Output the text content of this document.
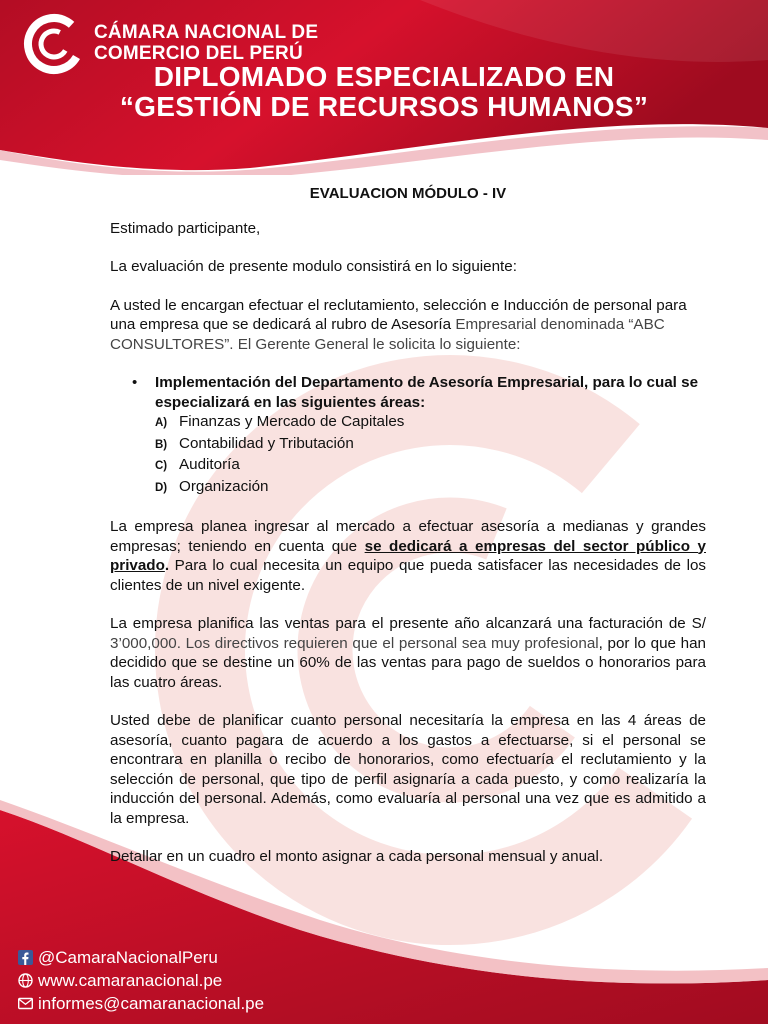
CÁMARA NACIONAL DE
COMERCIO DEL PERÚ
DIPLOMADO ESPECIALIZADO EN
“GESTIÓN DE RECURSOS HUMANOS”
@CamaraNacionalPeru
www.camaranacional.pe
informes@camaranacional.pe
EVALUACION MÓDULO - IV

Estimado participante,

La evaluación de presente modulo consistirá en lo siguiente:

A usted le encargan efectuar el reclutamiento, selección e Inducción de personal para una empresa que se dedicará al rubro de Asesoría Empresarial denominada “ABC CONSULTORES”. El Gerente General le solicita lo siguiente:

• Implementación del Departamento de Asesoría Empresarial, para lo cual se especializará en las siguientes áreas:
A) Finanzas y Mercado de Capitales
B) Contabilidad y Tributación
C) Auditoría
D) Organización

La empresa planea ingresar al mercado a efectuar asesoría a medianas y grandes empresas; teniendo en cuenta que se dedicará a empresas del sector público y privado. Para lo cual necesita un equipo que pueda satisfacer las necesidades de los clientes de un nivel exigente.

La empresa planifica las ventas para el presente año alcanzará una facturación de S/ 3’000,000. Los directivos requieren que el personal sea muy profesional, por lo que han decidido que se destine un 60% de las ventas para pago de sueldos o honorarios para las cuatro áreas.

Usted debe de planificar cuanto personal necesitaría la empresa en las 4 áreas de asesoría, cuanto pagara de acuerdo a los gastos a efectuarse, si el personal se encontrara en planilla o recibo de honorarios, como efectuaría el reclutamiento y la selección de personal, que tipo de perfil asignaría a cada puesto, y como realizaría la inducción del personal. Además, como evaluaría al personal una vez que es admitido a la empresa.

Detallar en un cuadro el monto asignar a cada personal mensual y anual.
